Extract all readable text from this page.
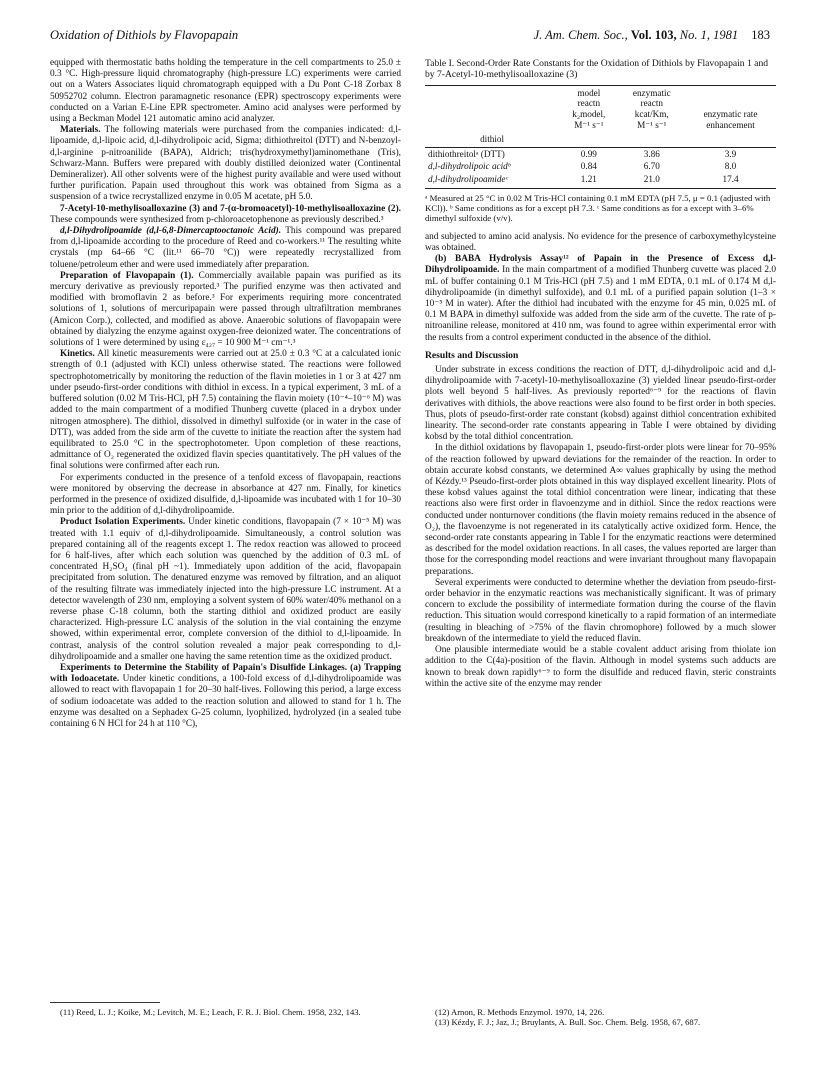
Oxidation of Dithiols by Flavopapain	J. Am. Chem. Soc., Vol. 103, No. 1, 1981 183

equipped with thermostatic baths holding the temperature in the cell compartments to 25.0 ± 0.3 °C. High-pressure liquid chromatography (high-pressure LC) experiments were carried out on a Waters Associates liquid chromatograph equipped with a Du Pont C-18 Zorbax 8 50952702 column. Electron paramagnetic resonance (EPR) spectroscopy experiments were conducted on a Varian E-Line EPR spectrometer. Amino acid analyses were performed by using a Beckman Model 121 automatic amino acid analyzer.

Materials. The following materials were purchased from the companies indicated: d,l-lipoamide, d,l-lipoic acid, d,l-dihydrolipoic acid, Sigma; dithiothreitol (DTT) and N-benzoyl-d,l-arginine p-nitroanilide (BAPA), Aldrich; tris(hydroxymethyl)aminomethane (Tris), Schwarz-Mann. Buffers were prepared with doubly distilled deionized water (Continental Demineralizer). All other solvents were of the highest purity available and were used without further purification. Papain used throughout this work was obtained from Sigma as a suspension of a twice recrystallized enzyme in 0.05 M acetate, pH 5.0.

7-Acetyl-10-methylisoalloxazine (3) and 7-(α-bromoacetyl)-10-methylisoalloxazine (2). These compounds were synthesized from p-chloroacetophenone as previously described.³

d,l-Dihydrolipoamide (d,l-6,8-Dimercaptooctanoic Acid). This compound was prepared from d,l-lipoamide according to the procedure of Reed and co-workers.¹¹ The resulting white crystals (mp 64–66 °C (lit.¹¹ 66–70 °C)) were repeatedly recrystallized from toluene/petroleum ether and were used immediately after preparation.

Preparation of Flavopapain (1). Commercially available papain was purified as its mercury derivative as previously reported.³ The purified enzyme was then activated and modified with bromoflavin 2 as before.³ For experiments requiring more concentrated solutions of 1, solutions of mercuripapain were passed through ultrafiltration membranes (Amicon Corp.), collected, and modified as above. Anaerobic solutions of flavopapain were obtained by dialyzing the enzyme against oxygen-free deionized water. The concentrations of solutions of 1 were determined by using ε₄₂₇ = 10 900 M⁻¹ cm⁻¹.³

Kinetics. All kinetic measurements were carried out at 25.0 ± 0.3 °C at a calculated ionic strength of 0.1 (adjusted with KCl) unless otherwise stated. The reactions were followed spectrophotometrically by monitoring the reduction of the flavin moieties in 1 or 3 at 427 nm under pseudo-first-order conditions with dithiol in excess. In a typical experiment, 3 mL of a buffered solution (0.02 M Tris-HCl, pH 7.5) containing the flavin moiety (10⁻⁴–10⁻⁶ M) was added to the main compartment of a modified Thunberg cuvette (placed in a drybox under nitrogen atmosphere). The dithiol, dissolved in dimethyl sulfoxide (or in water in the case of DTT), was added from the side arm of the cuvette to initiate the reaction after the system had equilibrated to 25.0 °C in the spectrophotometer. Upon completion of these reactions, admittance of O₂ regenerated the oxidized flavin species quantitatively. The pH values of the final solutions were confirmed after each run.

For experiments conducted in the presence of a tenfold excess of flavopapain, reactions were monitored by observing the decrease in absorbance at 427 nm. Finally, for kinetics performed in the presence of oxidized disulfide, d,l-lipoamide was incubated with 1 for 10–30 min prior to the addition of d,l-dihydrolipoamide.

Product Isolation Experiments. Under kinetic conditions, flavopapain (7 × 10⁻⁵ M) was treated with 1.1 equiv of d,l-dihydrolipoamide. Simultaneously, a control solution was prepared containing all of the reagents except 1. The redox reaction was allowed to proceed for 6 half-lives, after which each solution was quenched by the addition of 0.3 mL of concentrated H₂SO₄ (final pH ~1). Immediately upon addition of the acid, flavopapain precipitated from solution. The denatured enzyme was removed by filtration, and an aliquot of the resulting filtrate was immediately injected into the high-pressure LC instrument. At a detector wavelength of 230 nm, employing a solvent system of 60% water/40% methanol on a reverse phase C-18 column, both the starting dithiol and oxidized product are easily characterized. High-pressure LC analysis of the solution in the vial containing the enzyme showed, within experimental error, complete conversion of the dithiol to d,l-lipoamide. In contrast, analysis of the control solution revealed a major peak corresponding to d,l-dihydrolipoamide and a smaller one having the same retention time as the oxidized product.

Experiments to Determine the Stability of Papain's Disulfide Linkages. (a) Trapping with Iodoacetate. Under kinetic conditions, a 100-fold excess of d,l-dihydrolipoamide was allowed to react with flavopapain 1 for 20–30 half-lives. Following this period, a large excess of sodium iodoacetate was added to the reaction solution and allowed to stand for 1 h. The enzyme was desalted on a Sephadex G-25 column, lyophilized, hydrolyzed (in a sealed tube containing 6 N HCl for 24 h at 110 °C),

Table I. Second-Order Rate Constants for the Oxidation of Dithiols by Flavopapain 1 and by 7-Acetyl-10-methylisoalloxazine (3)
	model
reactn
k₂model,
M⁻¹ s⁻¹	enzymatic
reactn
kcat/Km,
M⁻¹ s⁻¹	enzymatic rate
enhancement
dithiol			
dithiothreitolᵃ (DTT)	0.99	3.86	3.9
d,l-dihydrolipoic acidᵇ	0.84	6.70	8.0
d,l-dihydrolipoamideᶜ	1.21	21.0	17.4
ᵃ Measured at 25 °C in 0.02 M Tris-HCl containing 0.1 mM EDTA (pH 7.5, μ = 0.1 (adjusted with KCl)). ᵇ Same conditions as for a except pH 7.3. ᶜ Same conditions as for a except with 3–6% dimethyl sulfoxide (v/v).

and subjected to amino acid analysis. No evidence for the presence of carboxymethylcysteine was obtained.

(b) BABA Hydrolysis Assay¹² of Papain in the Presence of Excess d,l-Dihydrolipoamide. In the main compartment of a modified Thunberg cuvette was placed 2.0 mL of buffer containing 0.1 M Tris-HCl (pH 7.5) and 1 mM EDTA, 0.1 mL of 0.174 M d,l-dihydrolipoamide (in dimethyl sulfoxide), and 0.1 mL of a purified papain solution (1–3 × 10⁻⁵ M in water). After the dithiol had incubated with the enzyme for 45 min, 0.025 mL of 0.1 M BAPA in dimethyl sulfoxide was added from the side arm of the cuvette. The rate of p-nitroaniline release, monitored at 410 nm, was found to agree within experimental error with the results from a control experiment conducted in the absence of the dithiol.

Results and Discussion

Under substrate in excess conditions the reaction of DTT, d,l-dihydrolipoic acid and d,l-dihydrolipoamide with 7-acetyl-10-methylisoalloxazine (3) yielded linear pseudo-first-order plots well beyond 5 half-lives. As previously reported⁶⁻⁹ for the reactions of flavin derivatives with dithiols, the above reactions were also found to be first order in both species. Thus, plots of pseudo-first-order rate constant (kobsd) against dithiol concentration exhibited linearity. The second-order rate constants appearing in Table I were obtained by dividing kobsd by the total dithiol concentration.

In the dithiol oxidations by flavopapain 1, pseudo-first-order plots were linear for 70–95% of the reaction followed by upward deviations for the remainder of the reaction. In order to obtain accurate kobsd constants, we determined A∞ values graphically by using the method of Kézdy.¹³ Pseudo-first-order plots obtained in this way displayed excellent linearity. Plots of these kobsd values against the total dithiol concentration were linear, indicating that these reactions also were first order in flavoenzyme and in dithiol. Since the redox reactions were conducted under nonturnover conditions (the flavin moiety remains reduced in the absence of O₂), the flavoenzyme is not regenerated in its catalytically active oxidized form. Hence, the second-order rate constants appearing in Table I for the enzymatic reactions were determined as described for the model oxidation reactions. In all cases, the values reported are larger than those for the corresponding model reactions and were invariant throughout many flavopapain preparations.

Several experiments were conducted to determine whether the deviation from pseudo-first-order behavior in the enzymatic reactions was mechanistically significant. It was of primary concern to exclude the possibility of intermediate formation during the course of the flavin reduction. This situation would correspond kinetically to a rapid formation of an intermediate (resulting in bleaching of >75% of the flavin chromophore) followed by a much slower breakdown of the intermediate to yield the reduced flavin.

One plausible intermediate would be a stable covalent adduct arising from thiolate ion addition to the C(4a)-position of the flavin. Although in model systems such adducts are known to break down rapidly⁶⁻⁹ to form the disulfide and reduced flavin, steric constraints within the active site of the enzyme may render

(11) Reed, L. J.; Koike, M.; Levitch, M. E.; Leach, F. R. J. Biol. Chem. 1958, 232, 143.	(12) Arnon, R. Methods Enzymol. 1970, 14, 226.

(13) Kézdy, F. J.; Jaz, J.; Bruylants, A. Bull. Soc. Chem. Belg. 1958, 67, 687.
